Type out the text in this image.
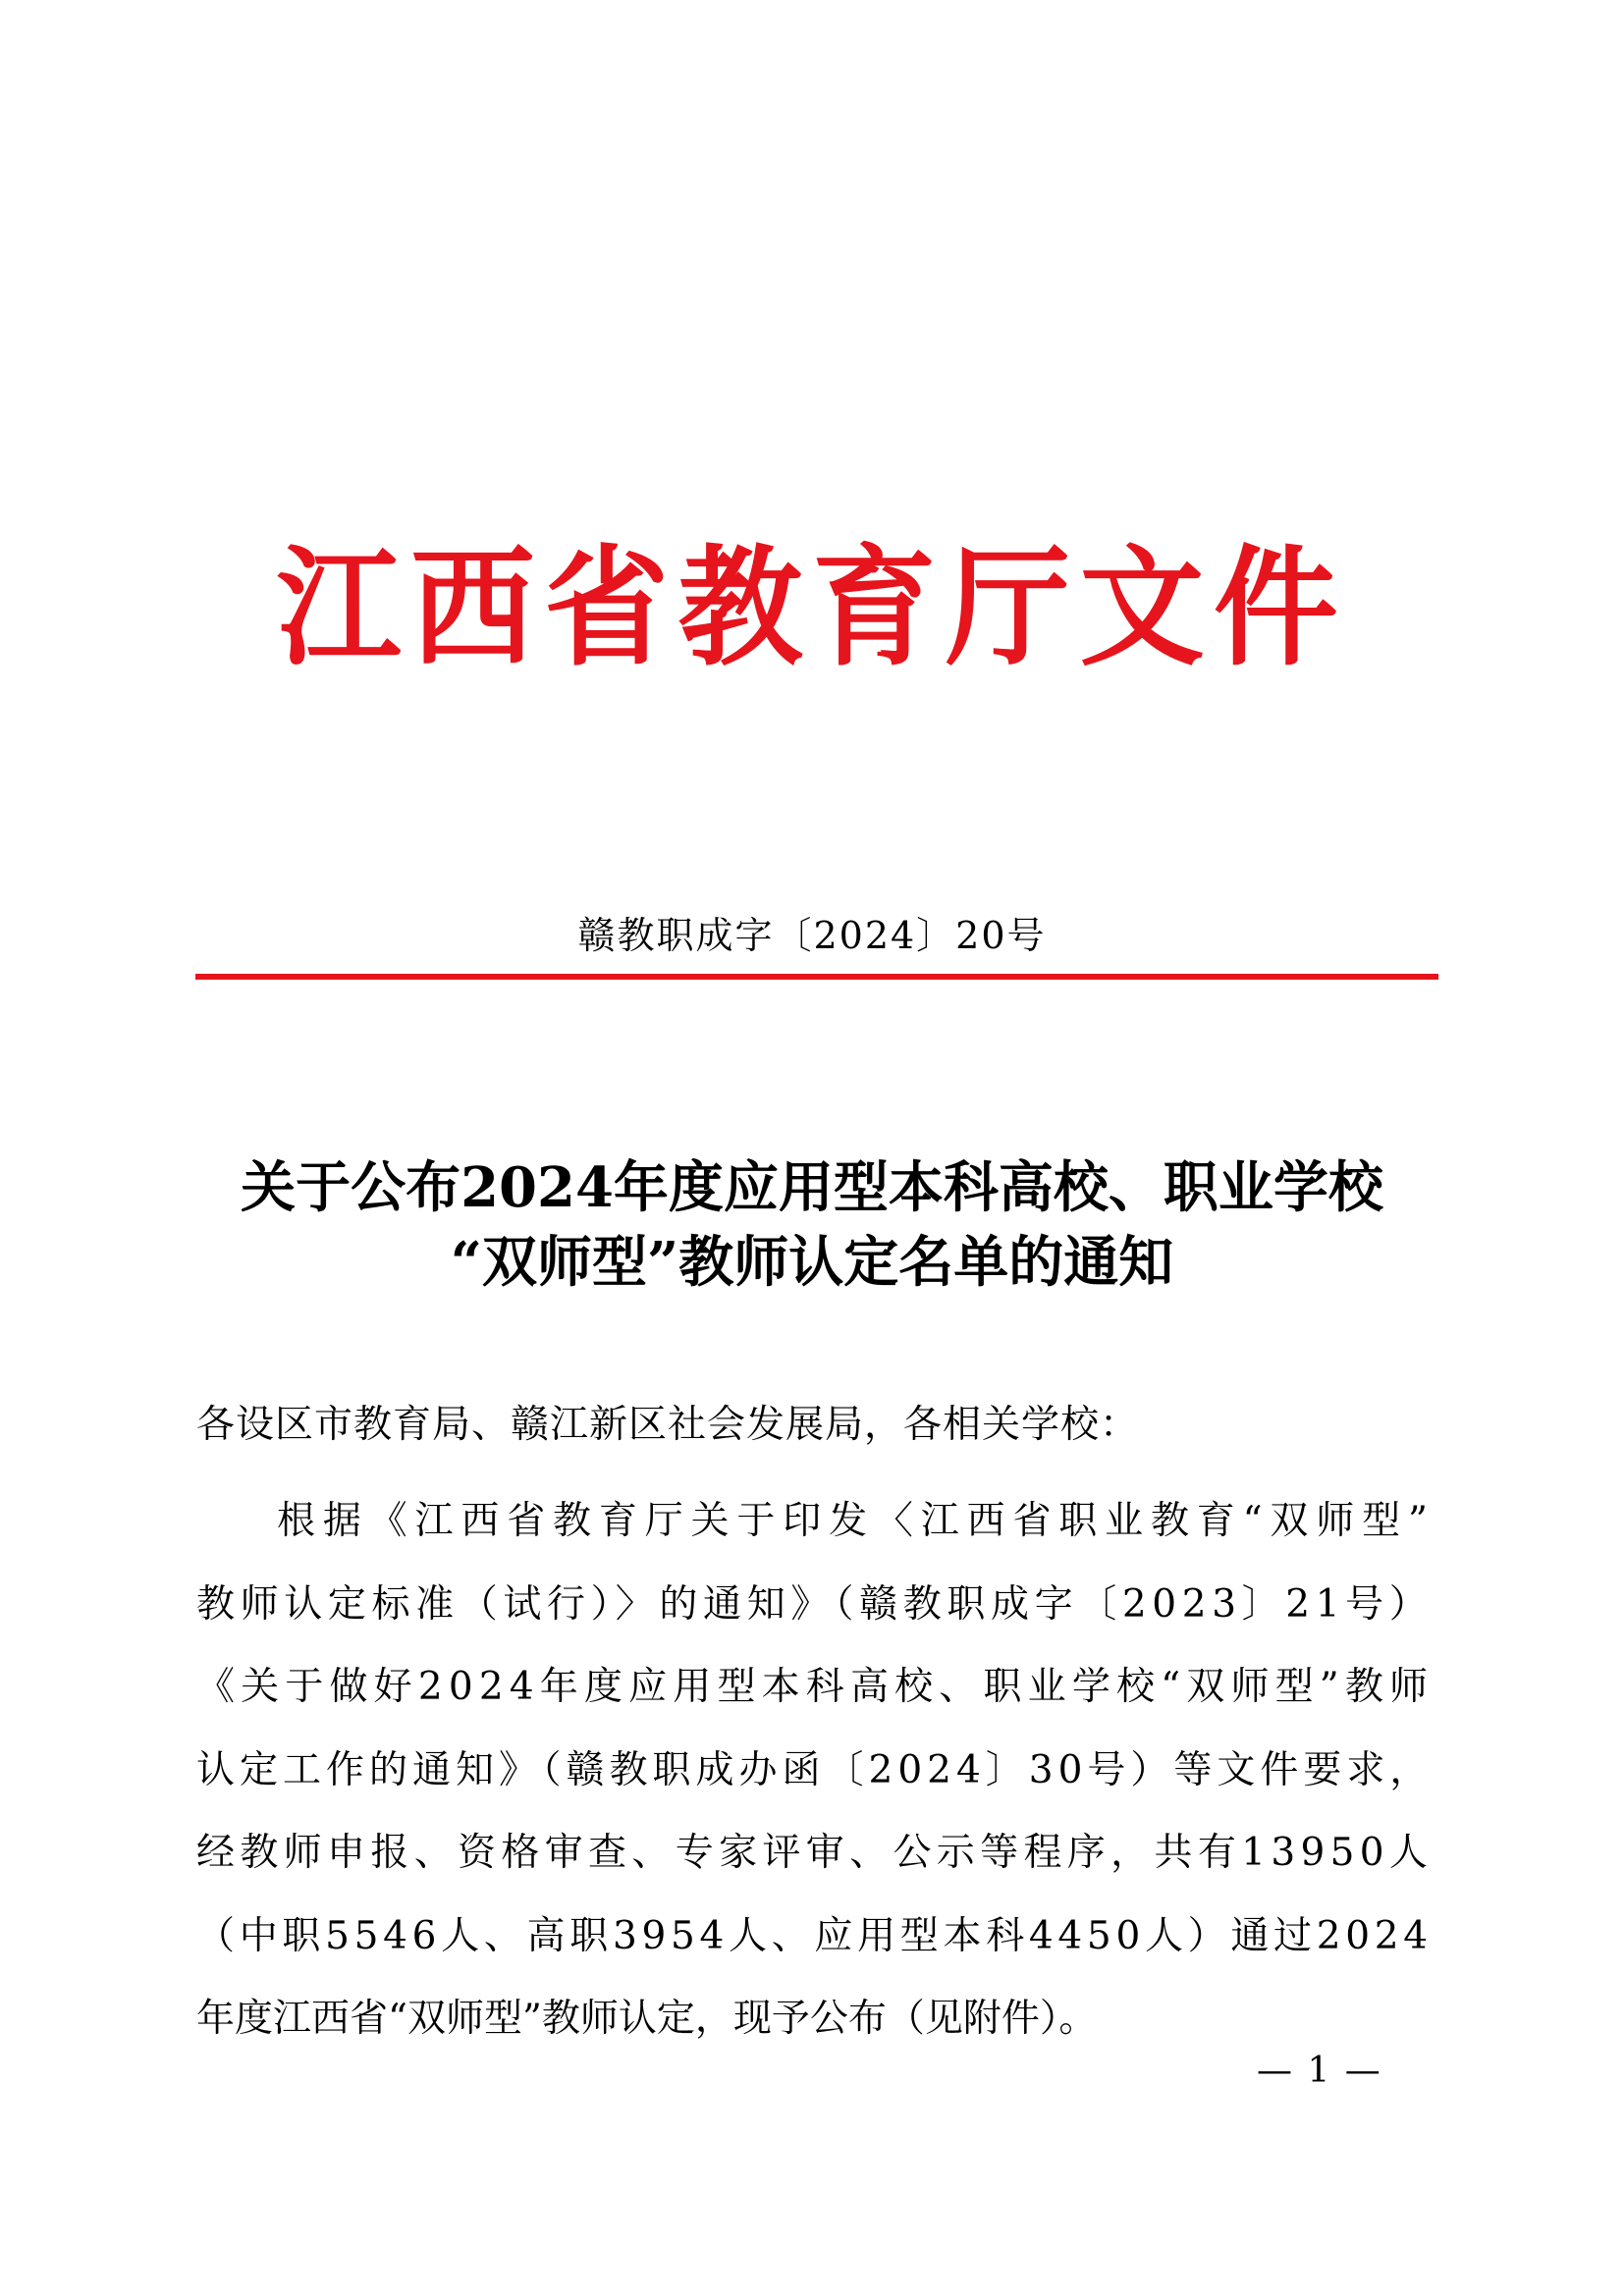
江西省教育厅文件
赣教职成字〔2024〕20号
关于公布2024年度应用型本科高校、职业学校
“双师型”教师认定名单的通知
各设区市教育局、赣江新区社会发展局，各相关学校：
根据《江西省教育厅关于印发〈江西省职业教育“双师型”
教师认定标准（试行）〉的通知》（赣教职成字〔2023〕21号）
《关于做好2024年度应用型本科高校、职业学校“双师型”教师
认定工作的通知》（赣教职成办函〔2024〕30号）等文件要求，
经教师申报、资格审查、专家评审、公示等程序，共有13950人
（中职5546人、高职3954人、应用型本科4450人）通过2024
年度江西省“双师型”教师认定，现予公布（见附件）。
— 1 —
